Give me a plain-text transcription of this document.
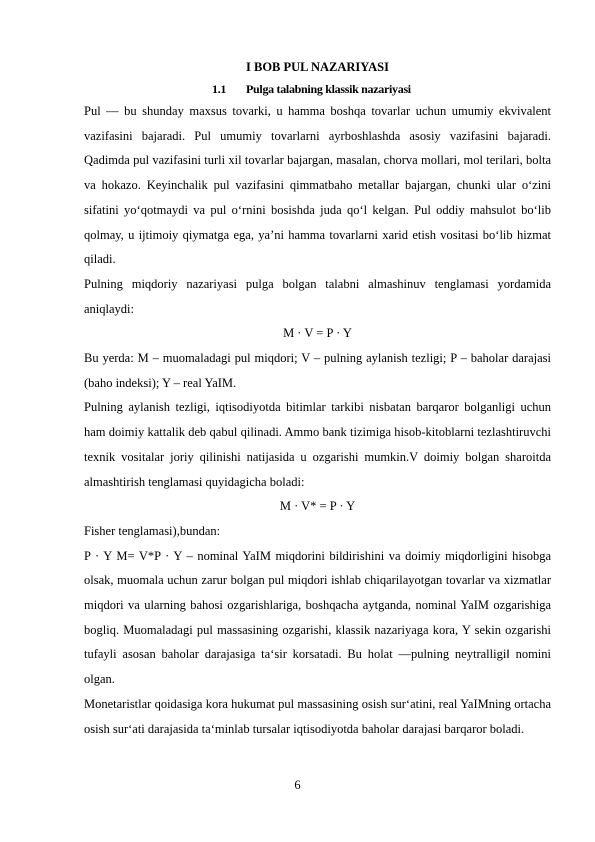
I BOB PUL NAZARIYASI
1.1 Pulga talabning klassik nazariyasi

Pul — bu shunday maxsus tovarki, u hamma boshqa tovarlar uchun umumiy ekvivalent vazifasini bajaradi. Pul umumiy tovarlarni ayrboshlashda asosiy vazifasini bajaradi. Qadimda pul vazifasini turli xil tovarlar bajargan, masalan, chorva mollari, mol terilari, bolta va hokazo. Keyinchalik pul vazifasini qimmatbaho metallar bajargan, chunki ular o‘zini sifatini yo‘qotmaydi va pul o‘rnini bosishda juda qo‘l kelgan. Pul oddiy mahsulot bo‘lib qolmay, u ijtimoiy qiymatga ega, ya’ni hamma tovarlarni xarid etish vositasi bo‘lib hizmat qiladi.

Pulning miqdoriy nazariyasi pulga bolgan talabni almashinuv tenglamasi yordamida aniqlaydi:

M · V = P · Y

Bu yerda: M – muomaladagi pul miqdori; V – pulning aylanish tezligi; P – baholar darajasi (baho indeksi); Y – real YaIM.

Pulning aylanish tezligi, iqtisodiyotda bitimlar tarkibi nisbatan barqaror bolganligi uchun ham doimiy kattalik deb qabul qilinadi. Ammo bank tizimiga hisob-kitoblarni tezlashtiruvchi texnik vositalar joriy qilinishi natijasida u ozgarishi mumkin.V doimiy bolgan sharoitda almashtirish tenglamasi quyidagicha boladi:

M · V* = P · Y

Fisher tenglamasi),bundan:

P · Y M= V*P · Y – nominal YaIM miqdorini bildirishini va doimiy miqdorligini hisobga olsak, muomala uchun zarur bolgan pul miqdori ishlab chiqarilayotgan tovarlar va xizmatlar miqdori va ularning bahosi ozgarishlariga, boshqacha aytganda, nominal YaIM ozgarishiga bogliq. Muomaladagi pul massasining ozgarishi, klassik nazariyaga kora, Y sekin ozgarishi tufayli asosan baholar darajasiga ta‘sir korsatadi. Bu holat ―pulning neytralligi‖ nomini olgan.

Monetaristlar qoidasiga kora hukumat pul massasining osish sur‘atini, real YaIMning ortacha osish sur‘ati darajasida ta‘minlab tursalar iqtisodiyotda baholar darajasi barqaror boladi.

6
